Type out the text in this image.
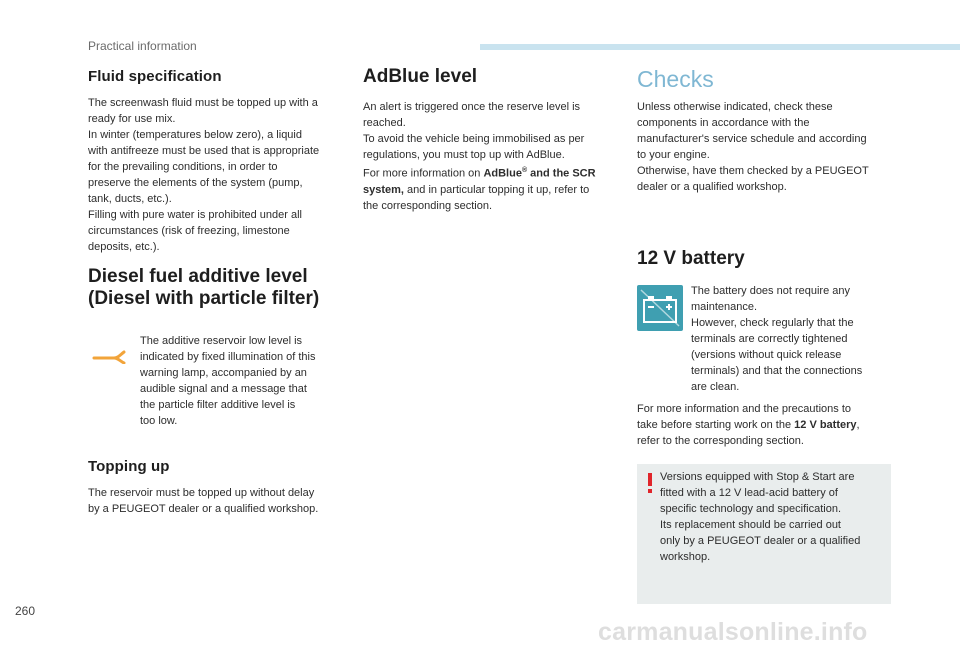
Practical information
Fluid specification

The screenwash fluid must be topped up with a

ready for use mix.

In winter (temperatures below zero), a liquid

with antifreeze must be used that is appropriate

for the prevailing conditions, in order to

preserve the elements of the system (pump,

tank, ducts, etc.).

Filling with pure water is prohibited under all

circumstances (risk of freezing, limestone

deposits, etc.).

Diesel fuel additive level
(Diesel with particle filter)

The additive reservoir low level is

indicated by fixed illumination of this

warning lamp, accompanied by an

audible signal and a message that

the particle filter additive level is

too low.

Topping up

The reservoir must be topped up without delay

by a PEUGEOT dealer or a qualified workshop.

AdBlue level

An alert is triggered once the reserve level is

reached.

To avoid the vehicle being immobilised as per

regulations, you must top up with AdBlue.

For more information on AdBlue® and the SCR

system, and in particular topping it up, refer to

the corresponding section.

Checks

Unless otherwise indicated, check these

components in accordance with the

manufacturer's service schedule and according

to your engine.

Otherwise, have them checked by a PEUGEOT

dealer or a qualified workshop.

12 V battery

The battery does not require any

maintenance.

However, check regularly that the

terminals are correctly tightened

(versions without quick release

terminals) and that the connections

are clean.

For more information and the precautions to

take before starting work on the 12 V battery,

refer to the corresponding section.

Versions equipped with Stop & Start are

fitted with a 12 V lead-acid battery of

specific technology and specification.

Its replacement should be carried out

only by a PEUGEOT dealer or a qualified

workshop.

260
carmanualsonline.info
